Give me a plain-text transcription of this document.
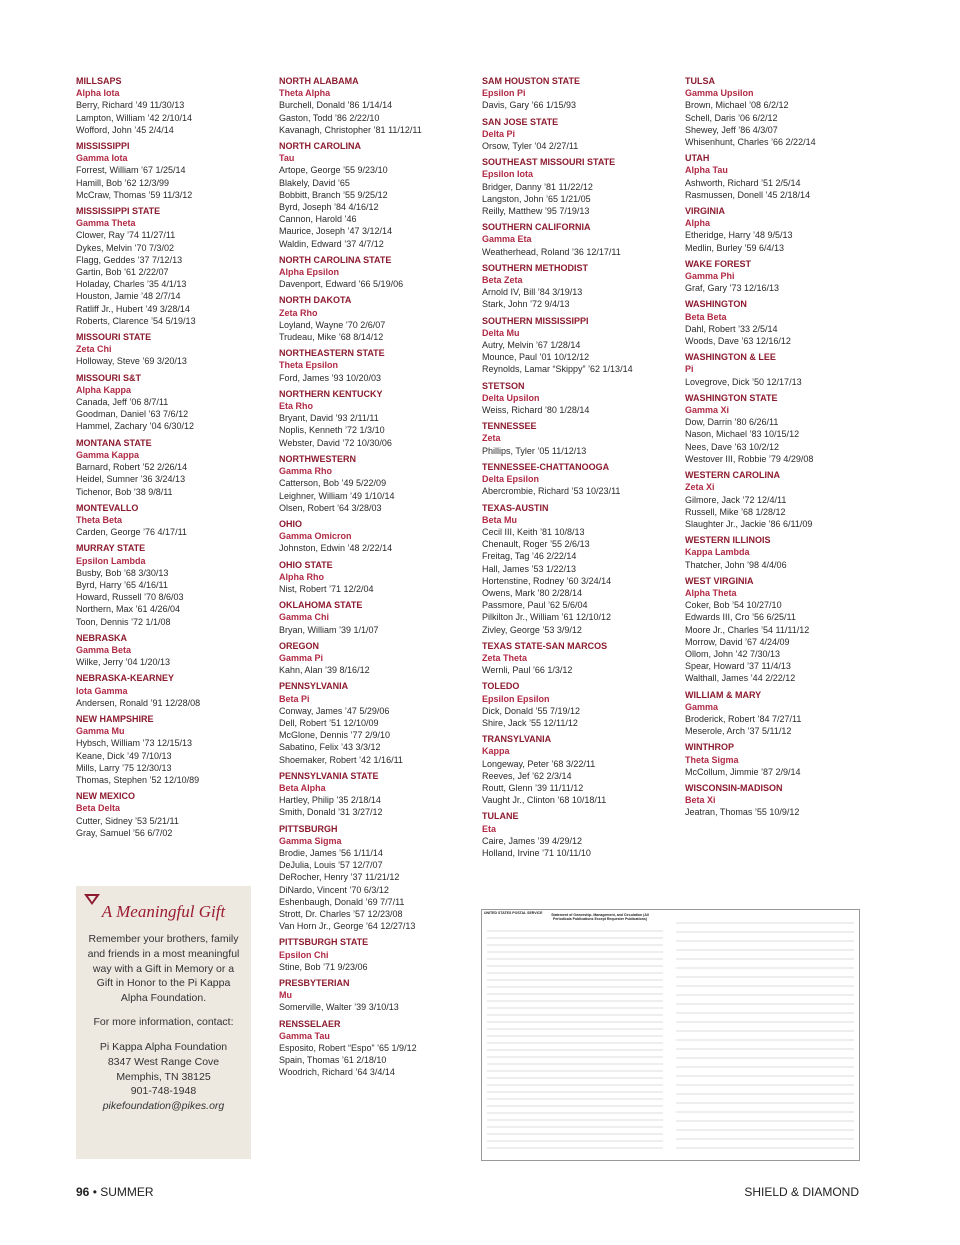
MILLSAPS
Alpha Iota
Berry, Richard ’49 11/30/13
Lampton, William ’42 2/10/14
Wofford, John ’45 2/4/14
MISSISSIPPI
Gamma Iota
Forrest, William ’67 1/25/14
Hamill, Bob ’62 12/3/99
McCraw, Thomas ’59 11/3/12
MISSISSIPPI STATE
Gamma Theta
Clower, Ray ’74 11/27/11
Dykes, Melvin ’70 7/3/02
Flagg, Geddes ’37 7/12/13
Gartin, Bob ’61 2/22/07
Holaday, Charles ’35 4/1/13
Houston, Jamie ’48 2/7/14
Ratliff Jr., Hubert ’49 3/28/14
Roberts, Clarence ’54 5/19/13
MISSOURI STATE
Zeta Chi
Holloway, Steve ’69 3/20/13
MISSOURI S&T
Alpha Kappa
Canada, Jeff ’06 8/7/11
Goodman, Daniel ’63 7/6/12
Hammel, Zachary ’04 6/30/12
MONTANA STATE
Gamma Kappa
Barnard, Robert ’52 2/26/14
Heidel, Sumner ’36 3/24/13
Tichenor, Bob ’38 9/8/11
MONTEVALLO
Theta Beta
Carden, George ’76 4/17/11
MURRAY STATE
Epsilon Lambda
Busby, Bob ’68 3/30/13
Byrd, Harry ’65 4/16/11
Howard, Russell ’70 8/6/03
Northern, Max ’61 4/26/04
Toon, Dennis ’72 1/1/08
NEBRASKA
Gamma Beta
Wilke, Jerry ’04 1/20/13
NEBRASKA-KEARNEY
Iota Gamma
Andersen, Ronald ’91 12/28/08
NEW HAMPSHIRE
Gamma Mu
Hybsch, William ’73 12/15/13
Keane, Dick ’49 7/10/13
Mills, Larry ’75 12/30/13
Thomas, Stephen ’52 12/10/89
NEW MEXICO
Beta Delta
Cutter, Sidney ’53 5/21/11
Gray, Samuel ’56 6/7/02
NORTH ALABAMA
Theta Alpha
Burchell, Donald ’86 1/14/14
Gaston, Todd ’86 2/22/10
Kavanagh, Christopher ’81 11/12/11
NORTH CAROLINA
Tau
Artope, George ’55 9/23/10
Blakely, David ’65
Bobbitt, Branch ’55 9/25/12
Byrd, Joseph ’84 4/16/12
Cannon, Harold ’46
Maurice, Joseph ’47 3/12/14
Waldin, Edward ’37 4/7/12
NORTH CAROLINA STATE
Alpha Epsilon
Davenport, Edward ’66 5/19/06
NORTH DAKOTA
Zeta Rho
Loyland, Wayne ’70 2/6/07
Trudeau, Mike ’68 8/14/12
NORTHEASTERN STATE
Theta Epsilon
Ford, James ’93 10/20/03
NORTHERN KENTUCKY
Eta Rho
Bryant, David ’93 2/11/11
Noplis, Kenneth ’72 1/3/10
Webster, David ’72 10/30/06
NORTHWESTERN
Gamma Rho
Catterson, Bob ’49 5/22/09
Leighner, William ’49 1/10/14
Olsen, Robert ’64 3/28/03
OHIO
Gamma Omicron
Johnston, Edwin ’48 2/22/14
OHIO STATE
Alpha Rho
Nist, Robert ’71 12/2/04
OKLAHOMA STATE
Gamma Chi
Bryan, William ’39 1/1/07
OREGON
Gamma Pi
Kahn, Alan ’39 8/16/12
PENNSYLVANIA
Beta Pi
Conway, James ’47 5/29/06
Dell, Robert ’51 12/10/09
McGlone, Dennis ’77 2/9/10
Sabatino, Felix ’43 3/3/12
Shoemaker, Robert ’42 1/16/11
PENNSYLVANIA STATE
Beta Alpha
Hartley, Philip ’35 2/18/14
Smith, Donald ’31 3/27/12
PITTSBURGH
Gamma Sigma
Brodie, James ’56 1/11/14
DeJulia, Louis ’57 12/7/07
DeRocher, Henry ’37 11/21/12
DiNardo, Vincent ’70 6/3/12
Eshenbaugh, Donald ’69 7/7/11
Strott, Dr. Charles ’57 12/23/08
Van Horn Jr., George ’64 12/27/13
PITTSBURGH STATE
Epsilon Chi
Stine, Bob ’71 9/23/06
PRESBYTERIAN
Mu
Somerville, Walter ’39 3/10/13
RENSSELAER
Gamma Tau
Esposito, Robert “Espo” ’65 1/9/12
Spain, Thomas ’61 2/18/10
Woodrich, Richard ’64 3/4/14
SAM HOUSTON STATE
Epsilon Pi
Davis, Gary ’66 1/15/93
SAN JOSE STATE
Delta Pi
Orsow, Tyler ’04 2/27/11
SOUTHEAST MISSOURI STATE
Epsilon Iota
Bridger, Danny ’81 11/22/12
Langston, John ’65 1/21/05
Reilly, Matthew ’95 7/19/13
SOUTHERN CALIFORNIA
Gamma Eta
Weatherhead, Roland ’36 12/17/11
SOUTHERN METHODIST
Beta Zeta
Arnold IV, Bill ’84 3/19/13
Stark, John ’72 9/4/13
SOUTHERN MISSISSIPPI
Delta Mu
Autry, Melvin ’67 1/28/14
Mounce, Paul ’01 10/12/12
Reynolds, Lamar “Skippy” ’62 1/13/14
STETSON
Delta Upsilon
Weiss, Richard ’80 1/28/14
TENNESSEE
Zeta
Phillips, Tyler ’05 11/12/13
TENNESSEE-CHATTANOOGA
Delta Epsilon
Abercrombie, Richard ’53 10/23/11
TEXAS-AUSTIN
Beta Mu
Cecil III, Keith ’81 10/8/13
Chenault, Roger ’55 2/6/13
Freitag, Tag ’46 2/22/14
Hall, James ’53 1/22/13
Hortenstine, Rodney ’60 3/24/14
Owens, Mark ’80 2/28/14
Passmore, Paul ’62 5/6/04
Pilkilton Jr., William ’61 12/10/12
Zivley, George ’53 3/9/12
TEXAS STATE-SAN MARCOS
Zeta Theta
Wernli, Paul ’66 1/3/12
TOLEDO
Epsilon Epsilon
Dick, Donald ’55 7/19/12
Shire, Jack ’55 12/11/12
TRANSYLVANIA
Kappa
Longeway, Peter ’68 3/22/11
Reeves, Jef ’62 2/3/14
Routt, Glenn ’39 11/11/12
Vaught Jr., Clinton ’68 10/18/11
TULANE
Eta
Caire, James ’39 4/29/12
Holland, Irvine ’71 10/11/10
TULSA
Gamma Upsilon
Brown, Michael ’08 6/2/12
Schell, Daris ’06 6/2/12
Shewey, Jeff ’86 4/3/07
Whisenhunt, Charles ’66 2/22/14
UTAH
Alpha Tau
Ashworth, Richard ’51 2/5/14
Rasmussen, Donell ’45 2/18/14
VIRGINIA
Alpha
Etheridge, Harry ’48 9/5/13
Medlin, Burley ’59 6/4/13
WAKE FOREST
Gamma Phi
Graf, Gary ’73 12/16/13
WASHINGTON
Beta Beta
Dahl, Robert ’33 2/5/14
Woods, Dave ’63 12/16/12
WASHINGTON & LEE
Pi
Lovegrove, Dick ’50 12/17/13
WASHINGTON STATE
Gamma Xi
Dow, Darrin ’80 6/26/11
Nason, Michael ’83 10/15/12
Nees, Dave ’63 10/2/12
Westover III, Robbie ’79 4/29/08
WESTERN CAROLINA
Zeta Xi
Gilmore, Jack ’72 12/4/11
Russell, Mike ’68 1/28/12
Slaughter Jr., Jackie ’86 6/11/09
WESTERN ILLINOIS
Kappa Lambda
Thatcher, John ’98 4/4/06
WEST VIRGINIA
Alpha Theta
Coker, Bob ’54 10/27/10
Edwards III, Cro ’56 6/25/11
Moore Jr., Charles ’54 11/11/12
Morrow, David ’67 4/24/09
Ollom, John ’42 7/30/13
Spear, Howard ’37 11/4/13
Walthall, James ’44 2/22/12
WILLIAM & MARY
Gamma
Broderick, Robert ’84 7/27/11
Meserole, Arch ’37 5/11/12
WINTHROP
Theta Sigma
McCollum, Jimmie ’87 2/9/14
WISCONSIN-MADISON
Beta Xi
Jeatran, Thomas ’55 10/9/12
A Meaningful Gift
Remember your brothers, family and friends in a most meaningful way with a Gift in Memory or a Gift in Honor to the Pi Kappa Alpha Foundation.
For more information, contact:
Pi Kappa Alpha Foundation
8347 West Range Cove
Memphis, TN 38125
901-748-1948
pikefoundation@pikes.org
UNITED STATES POSTAL SERVICE	Statement of Ownership, Management, and Circulation (All Periodicals Publications Except Requester Publications)
96 • SUMMER	SHIELD & DIAMOND
